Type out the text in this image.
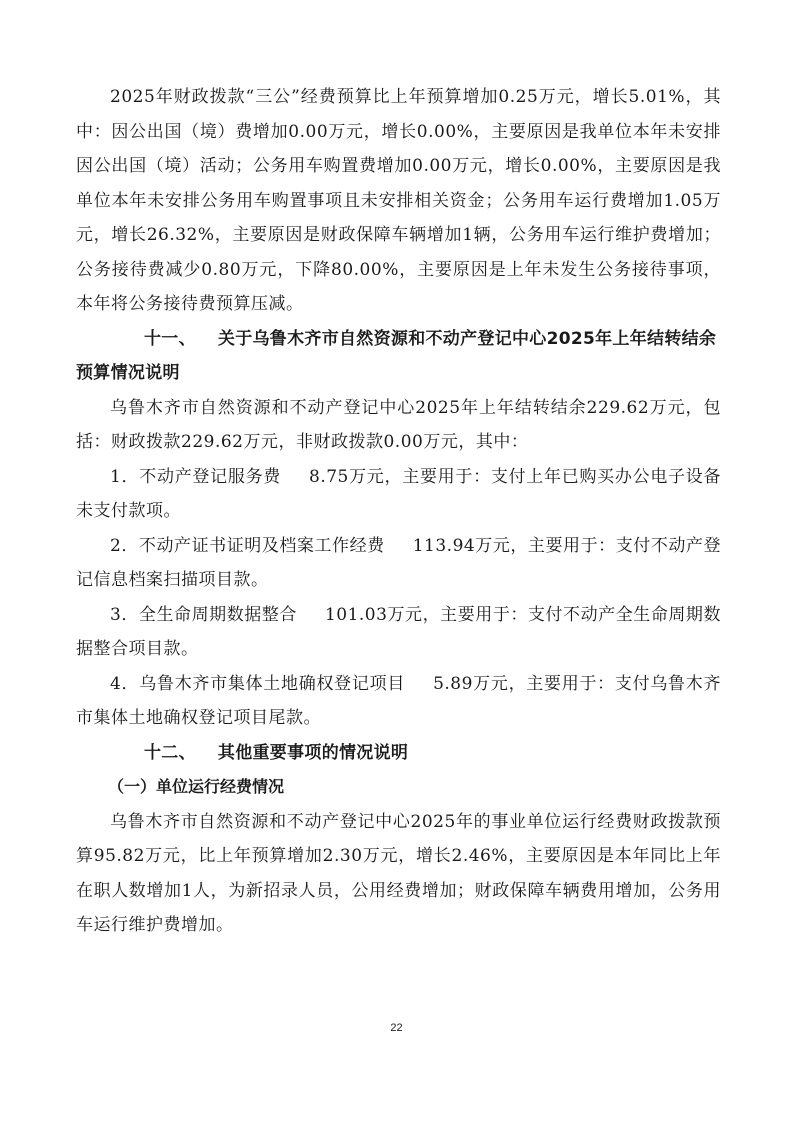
2025年财政拨款“三公”经费预算比上年预算增加0.25万元，增长5.01%，其中：因公出国（境）费增加0.00万元，增长0.00%，主要原因是我单位本年未安排因公出国（境）活动；公务用车购置费增加0.00万元，增长0.00%，主要原因是我单位本年未安排公务用车购置事项且未安排相关资金；公务用车运行费增加1.05万元，增长26.32%，主要原因是财政保障车辆增加1辆，公务用车运行维护费增加；公务接待费减少0.80万元，下降80.00%，主要原因是上年未发生公务接待事项，本年将公务接待费预算压减。

十一、 关于乌鲁木齐市自然资源和不动产登记中心2025年上年结转结余预算情况说明

乌鲁木齐市自然资源和不动产登记中心2025年上年结转结余229.62万元，包括：财政拨款229.62万元，非财政拨款0.00万元，其中：

1．不动产登记服务费 8.75万元，主要用于：支付上年已购买办公电子设备未支付款项。

2．不动产证书证明及档案工作经费 113.94万元，主要用于：支付不动产登记信息档案扫描项目款。

3．全生命周期数据整合 101.03万元，主要用于：支付不动产全生命周期数据整合项目款。

4．乌鲁木齐市集体土地确权登记项目 5.89万元，主要用于：支付乌鲁木齐市集体土地确权登记项目尾款。

十二、 其他重要事项的情况说明

（一）单位运行经费情况

乌鲁木齐市自然资源和不动产登记中心2025年的事业单位运行经费财政拨款预算95.82万元，比上年预算增加2.30万元，增长2.46%，主要原因是本年同比上年在职人数增加1人，为新招录人员，公用经费增加；财政保障车辆费用增加，公务用车运行维护费增加。

22
